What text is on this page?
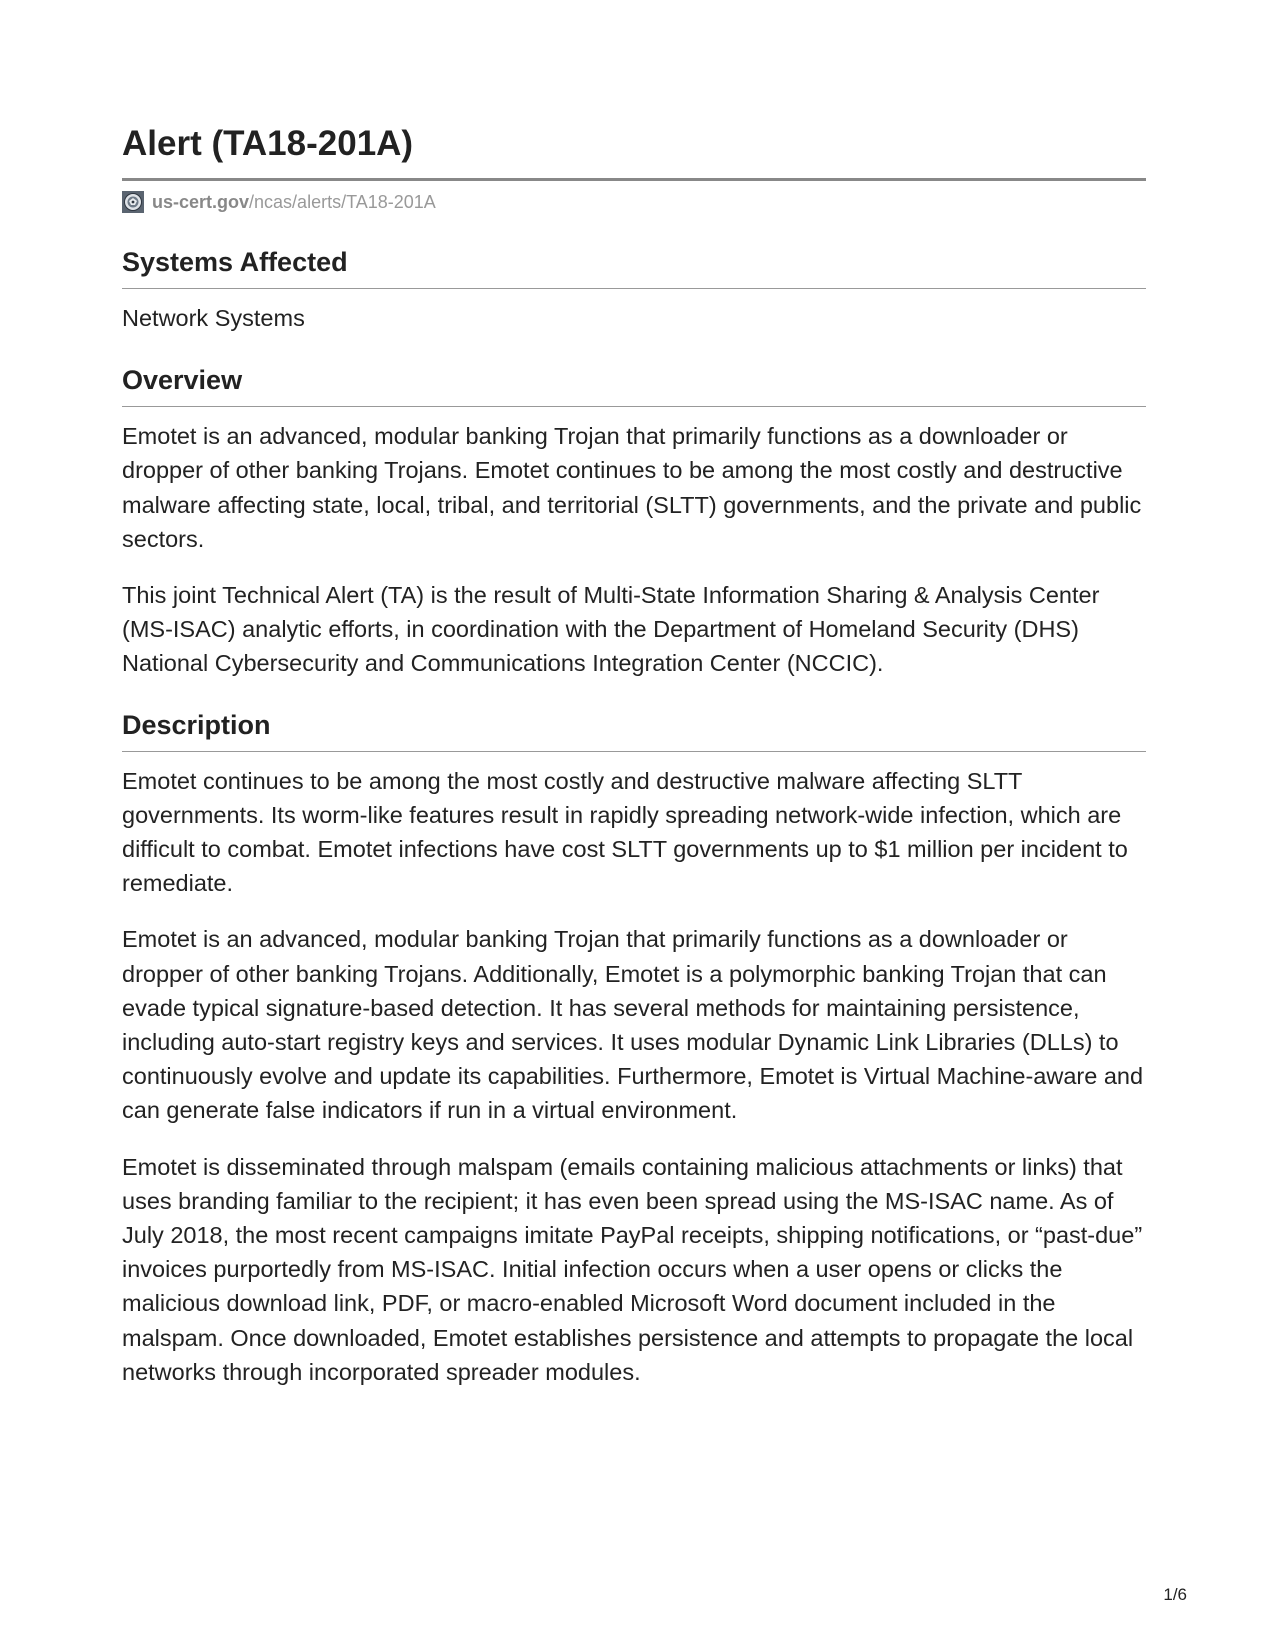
Alert (TA18-201A)
us-cert.gov /ncas/alerts/TA18-201A
Systems Affected

Network Systems

Overview

Emotet is an advanced, modular banking Trojan that primarily functions as a downloader or dropper of other banking Trojans. Emotet continues to be among the most costly and destructive malware affecting state, local, tribal, and territorial (SLTT) governments, and the private and public sectors.

This joint Technical Alert (TA) is the result of Multi-State Information Sharing & Analysis Center (MS-ISAC) analytic efforts, in coordination with the Department of Homeland Security (DHS) National Cybersecurity and Communications Integration Center (NCCIC).

Description

Emotet continues to be among the most costly and destructive malware affecting SLTT governments. Its worm-like features result in rapidly spreading network-wide infection, which are difficult to combat. Emotet infections have cost SLTT governments up to $1 million per incident to remediate.

Emotet is an advanced, modular banking Trojan that primarily functions as a downloader or dropper of other banking Trojans. Additionally, Emotet is a polymorphic banking Trojan that can evade typical signature-based detection. It has several methods for maintaining persistence, including auto-start registry keys and services. It uses modular Dynamic Link Libraries (DLLs) to continuously evolve and update its capabilities. Furthermore, Emotet is Virtual Machine-aware and can generate false indicators if run in a virtual environment.

Emotet is disseminated through malspam (emails containing malicious attachments or links) that uses branding familiar to the recipient; it has even been spread using the MS-ISAC name. As of July 2018, the most recent campaigns imitate PayPal receipts, shipping notifications, or “past-due” invoices purportedly from MS-ISAC. Initial infection occurs when a user opens or clicks the malicious download link, PDF, or macro-enabled Microsoft Word document included in the malspam. Once downloaded, Emotet establishes persistence and attempts to propagate the local networks through incorporated spreader modules.

1/6
